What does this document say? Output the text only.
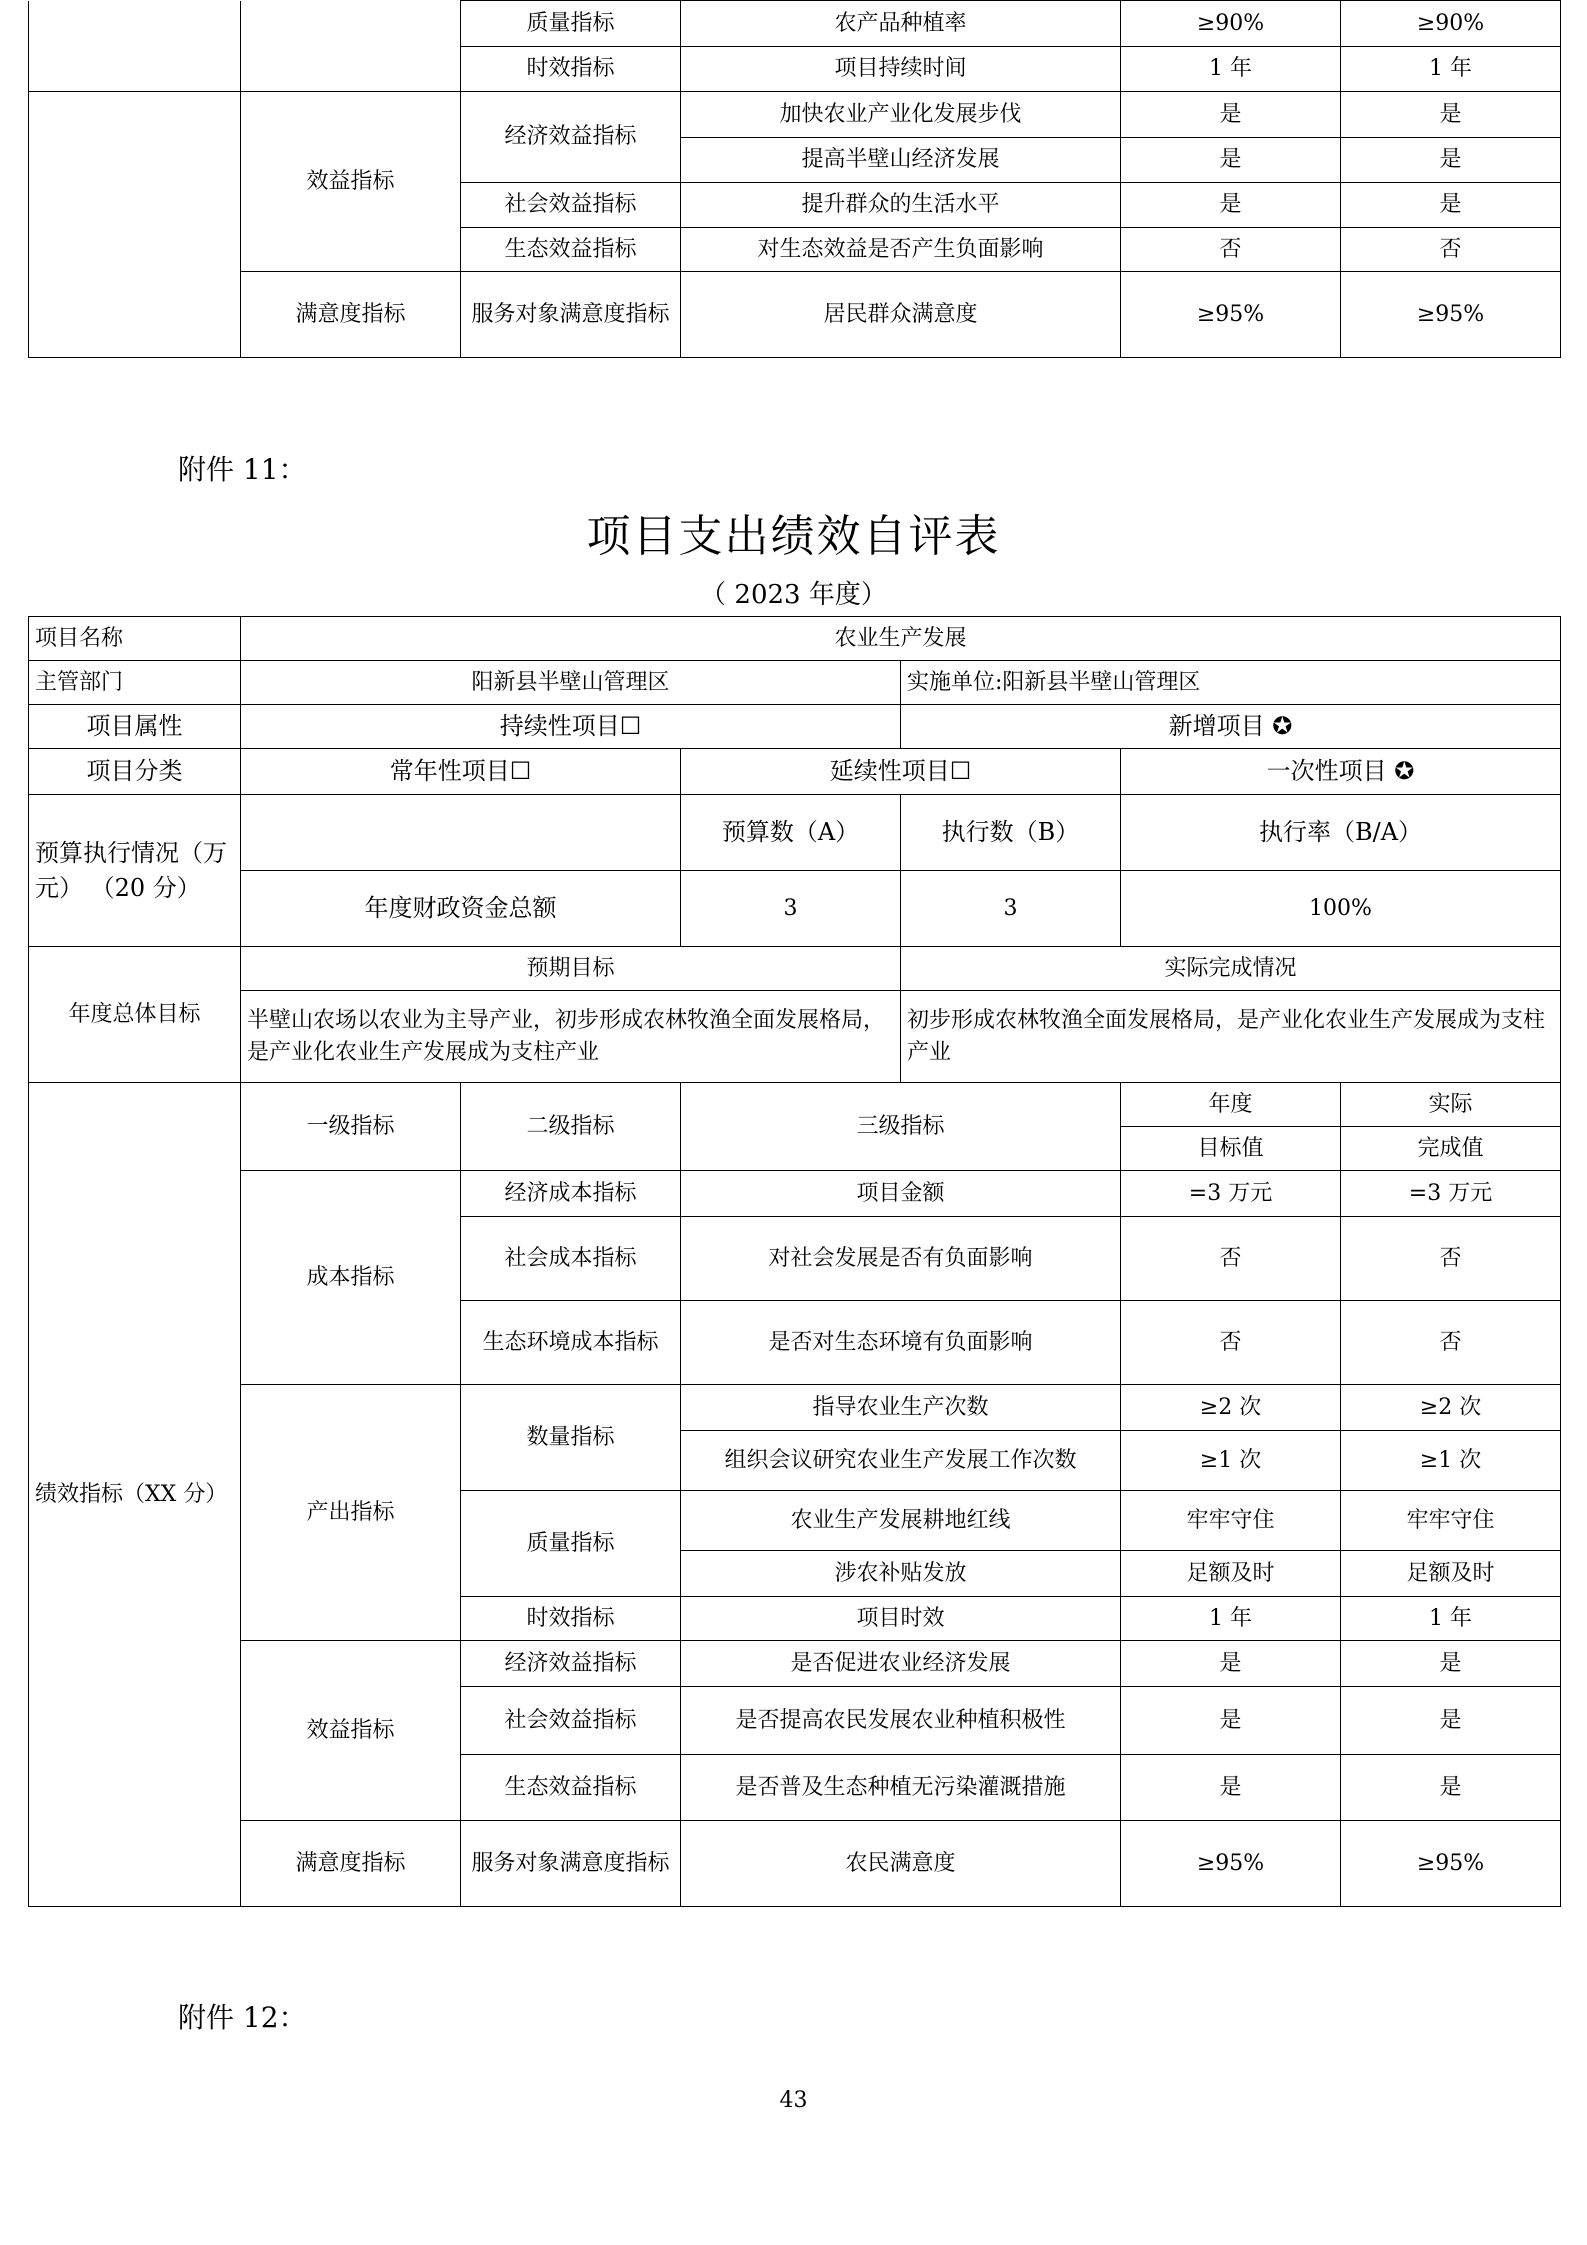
		质量指标	农产品种植率	≥90%	≥90%
		时效指标	项目持续时间	1 年	1 年
	效益指标	经济效益指标	加快农业产业化发展步伐	是	是
			提高半壁山经济发展	是	是
		社会效益指标	提升群众的生活水平	是	是
		生态效益指标	对生态效益是否产生负面影响	否	否
	满意度指标	服务对象满意度指标	居民群众满意度	≥95%	≥95%
附件 11：
项目支出绩效自评表
（ 2023 年度）
项目名称	农业生产发展					
主管部门	阳新县半壁山管理区			实施单位:阳新县半壁山管理区		
项目属性	持续性项目☐			新增项目 ✪		
项目分类	常年性项目☐		延续性项目☐		一次性项目 ✪	
预算执行情况（万元） （20 分）			预算数（A）	执行数（B）	执行率（B/A）	
	年度财政资金总额		3	3	100%	
年度总体目标	预期目标			实际完成情况		
	半壁山农场以农业为主导产业，初步形成农林牧渔全面发展格局，是产业化农业生产发展成为支柱产业			初步形成农林牧渔全面发展格局，是产业化农业生产发展成为支柱产业		
绩效指标（XX 分）	一级指标	二级指标	三级指标		年度	实际
					目标值	完成值
	成本指标	经济成本指标	项目金额		=3 万元	=3 万元
		社会成本指标	对社会发展是否有负面影响		否	否
		生态环境成本指标	是否对生态环境有负面影响		否	否
	产出指标	数量指标	指导农业生产次数		≥2 次	≥2 次
			组织会议研究农业生产发展工作次数		≥1 次	≥1 次
		质量指标	农业生产发展耕地红线		牢牢守住	牢牢守住
			涉农补贴发放		足额及时	足额及时
		时效指标	项目时效		1 年	1 年
	效益指标	经济效益指标	是否促进农业经济发展		是	是
		社会效益指标	是否提高农民发展农业种植积极性		是	是
		生态效益指标	是否普及生态种植无污染灌溉措施		是	是
	满意度指标	服务对象满意度指标	农民满意度		≥95%	≥95%
附件 12：
43
